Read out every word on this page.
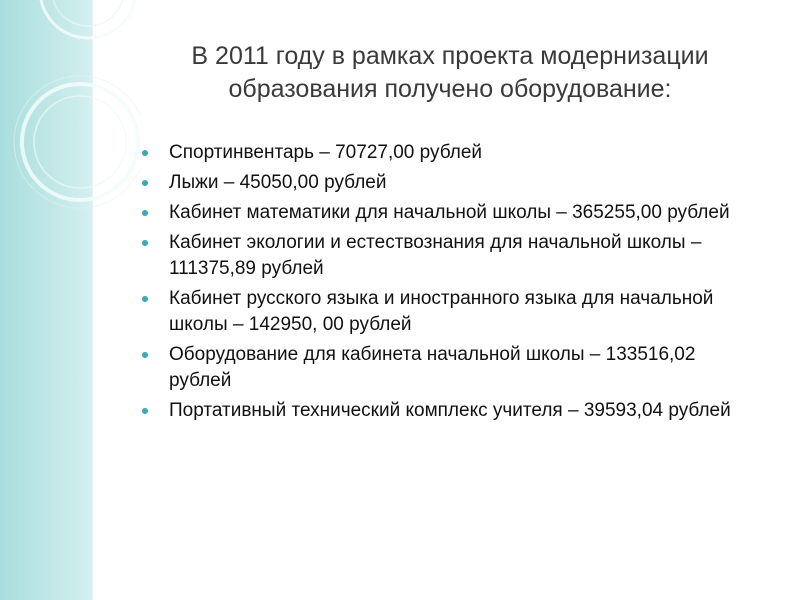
В 2011 году в рамках проекта модернизации
образования получено оборудование:
Спортинвентарь – 70727,00 рублей
Лыжи – 45050,00 рублей
Кабинет математики для начальной школы – 365255,00 рублей
Кабинет экологии и естествознания для начальной школы – 111375,89 рублей
Кабинет русского языка и иностранного языка для начальной школы – 142950, 00 рублей
Оборудование для кабинета начальной школы – 133516,02 рублей
Портативный технический комплекс учителя – 39593,04 рублей
